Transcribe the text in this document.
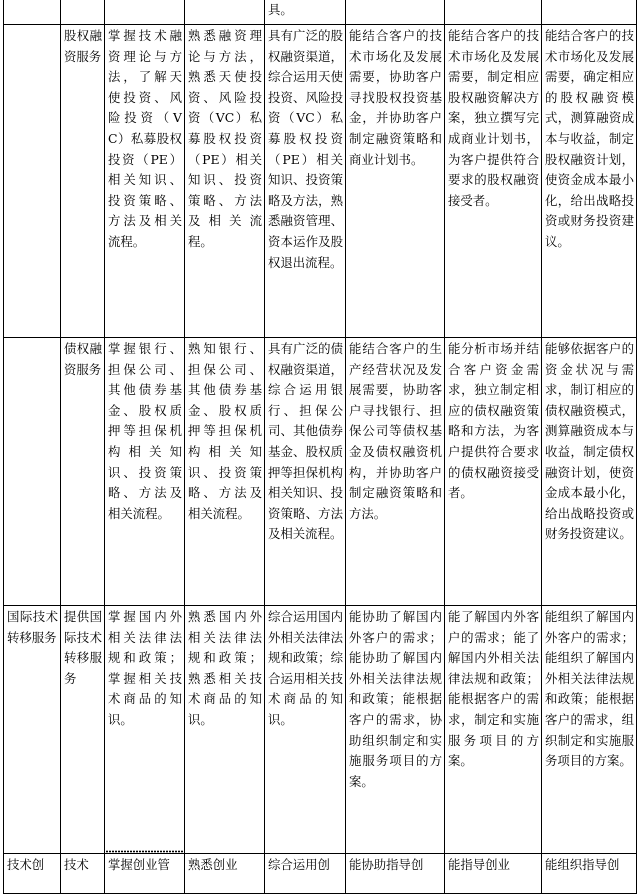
				具。			
	股权融资服务	掌握技术融资理论与方法，了解天使投资、风险投资（VC）私募股权投资（PE）相关知识、投资策略、方法及相关流程。	熟悉融资理论与方法，熟悉天使投资、风险投资（VC）私募股权投资（PE）相关知识、投资策略、方法及相关流程。	具有广泛的股权融资渠道，综合运用天使投资、风险投资（VC）私募股权投资（PE）相关知识、投资策略及方法，熟悉融资管理、资本运作及股权退出流程。	能结合客户的技术市场化及发展需要，协助客户寻找股权投资基金，并协助客户制定融资策略和商业计划书。	能结合客户的技术市场化及发展需要，制定相应股权融资解决方案，独立撰写完成商业计划书，为客户提供符合要求的股权融资接受者。	能结合客户的技术市场化及发展需要，确定相应的股权融资模式，测算融资成本与收益，制定股权融资计划，使资金成本最小化，给出战略投资或财务投资建议。
	债权融资服务	掌握银行、担保公司、其他债券基金、股权质押等担保机构相关知识、投资策略、方法及相关流程。	熟知银行、担保公司、其他债券基金、股权质押等担保机构相关知识、投资策略、方法及相关流程。	具有广泛的债权融资渠道，综合运用银行、担保公司、其他债券基金、股权质押等担保机构相关知识、投资策略、方法及相关流程。	能结合客户的生产经营状况及发展需要，协助客户寻找银行、担保公司等债权基金及债权融资机构，并协助客户制定融资策略和方法。	能分析市场并结合客户资金需求，独立制定相应的债权融资策略和方法，为客户提供符合要求的债权融资接受者。	能够依据客户的资金状况与需求，制订相应的债权融资模式，测算融资成本与收益，制定债权融资计划，使资金成本最小化，给出战略投资或财务投资建议。
国际技术转移服务	提供国际技术转移服务	掌握国内外相关法律法规和政策；掌握相关技术商品的知识。	熟悉国内外相关法律法规和政策；熟悉相关技术商品的知识。	综合运用国内外相关法律法规和政策；综合运用相关技术商品的知识。	能协助了解国内外客户的需求；能协助了解国内外相关法律法规和政策；能根据客户的需求，协助组织制定和实施服务项目的方案。	能了解国内外客户的需求；能了解国内外相关法律法规和政策；能根据客户的需求，制定和实施服务项目的方案。	能组织了解国内外客户的需求；能组织了解国内外相关法律法规和政策；能根据客户的需求，组织制定和实施服务项目的方案。
技术创	技术	掌握创业管	熟悉创业	综合运用创	能协助指导创	能指导创业	能组织指导创
